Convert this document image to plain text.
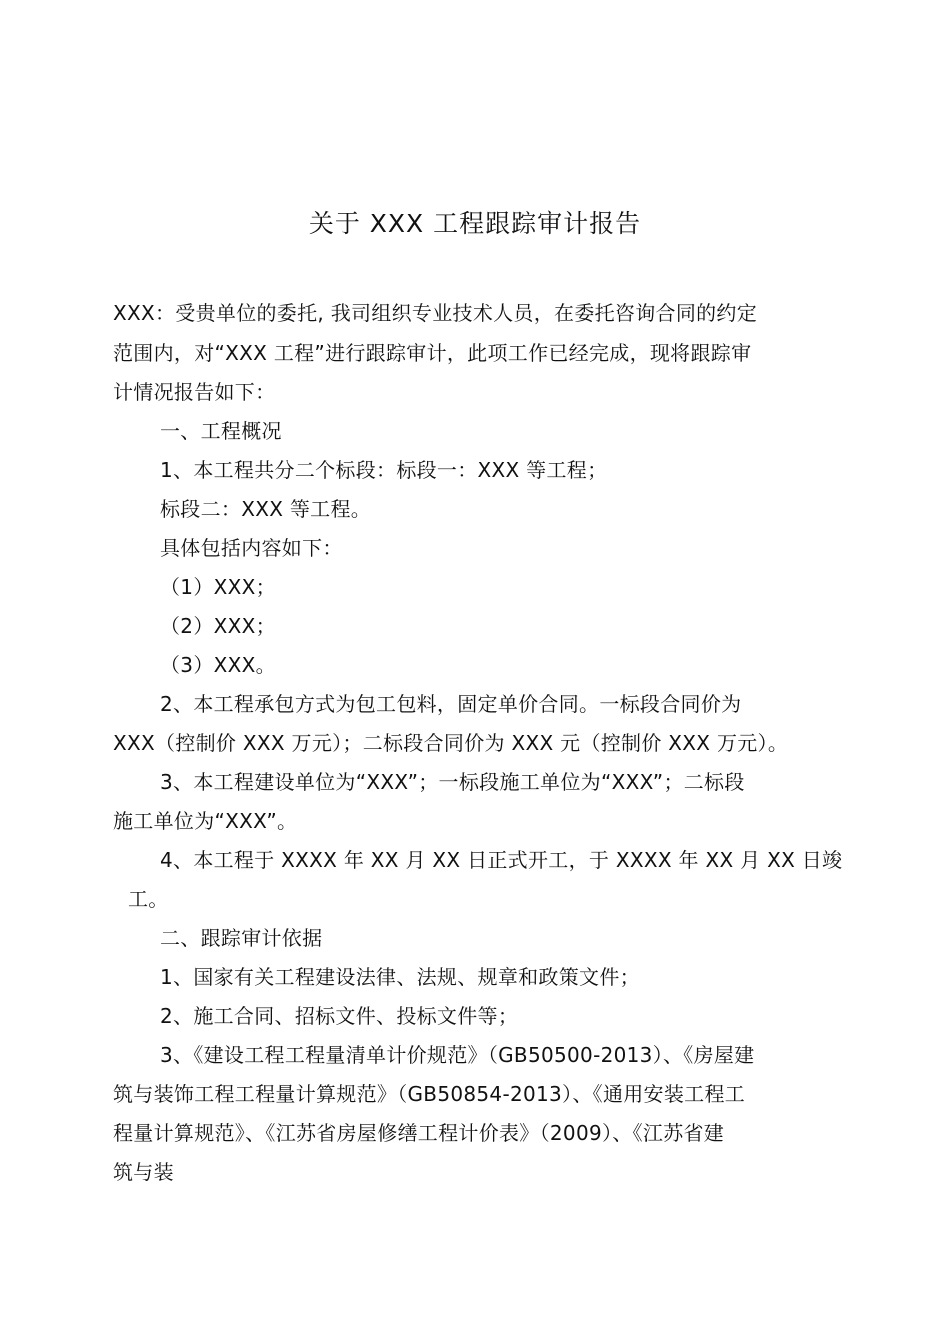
关于 XXX 工程跟踪审计报告
XXX：受贵单位的委托, 我司组织专业技术人员，在委托咨询合同的约定
范围内，对“XXX 工程”进行跟踪审计，此项工作已经完成，现将跟踪审
计情况报告如下：
一、工程概况
1、本工程共分二个标段：标段一：XXX 等工程；
标段二：XXX 等工程。
具体包括内容如下：
（1）XXX；
（2）XXX；
（3）XXX。
2、本工程承包方式为包工包料，固定单价合同。一标段合同价为
XXX（控制价 XXX 万元）；二标段合同价为 XXX 元（控制价 XXX 万元）。
3、本工程建设单位为“XXX”；一标段施工单位为“XXX”；二标段
施工单位为“XXX”。
4、本工程于 XXXX 年 XX 月 XX 日正式开工，于 XXXX 年 XX 月 XX 日竣
工。
二、跟踪审计依据
1、国家有关工程建设法律、法规、规章和政策文件；
2、施工合同、招标文件、投标文件等；
3、《建设工程工程量清单计价规范》（GB50500-2013）、《房屋建
筑与装饰工程工程量计算规范》（GB50854-2013）、《通用安装工程工
程量计算规范》、《江苏省房屋修缮工程计价表》（2009）、《江苏省建
筑与装
